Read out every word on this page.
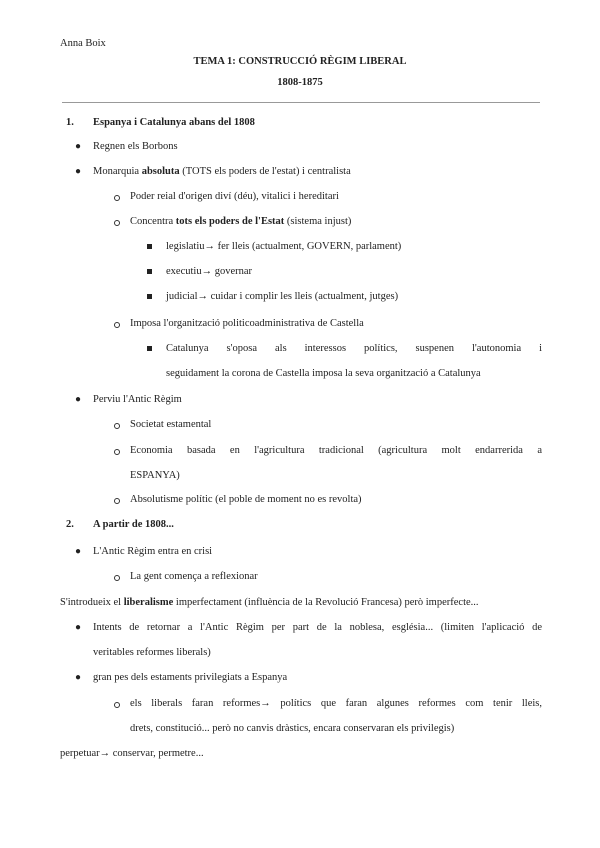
Anna Boix
TEMA 1: CONSTRUCCIÓ RÈGIM LIBERAL
1808-1875
1. Espanya i Catalunya abans del 1808
● Regnen els Borbons
● Monarquia absoluta (TOTS els poders de l'estat) i centralista
Poder reial d'origen diví (déu), vitalici i hereditari
Concentra tots els poders de l'Estat (sistema injust)
legislatiu→ fer lleis (actualment, GOVERN, parlament)
executiu→ governar
judicial→ cuidar i complir les lleis (actualment, jutges)
Imposa l'organització politicoadministrativa de Castella
Catalunya s'oposa als interessos polítics, suspenen l'autonomia i
seguidament la corona de Castella imposa la seva organització a Catalunya
● Perviu l'Antic Règim
Societat estamental
Economia basada en l'agricultura tradicional (agricultura molt endarrerida a
ESPANYA)
Absolutisme polític (el poble de moment no es revolta)
2. A partir de 1808...
● L'Antic Règim entra en crisi
La gent comença a reflexionar
S'introdueix el liberalisme imperfectament (influència de la Revolució Francesa) però imperfecte...
● Intents de retornar a l'Antic Règim per part de la noblesa, església... (limiten l'aplicació de
veritables reformes liberals)
● gran pes dels estaments privilegiats a Espanya
els liberals faran reformes→ polítics que faran algunes reformes com tenir lleis,
drets, constitució... però no canvis dràstics, encara conservaran els privilegis)
perpetuar→ conservar, permetre...
